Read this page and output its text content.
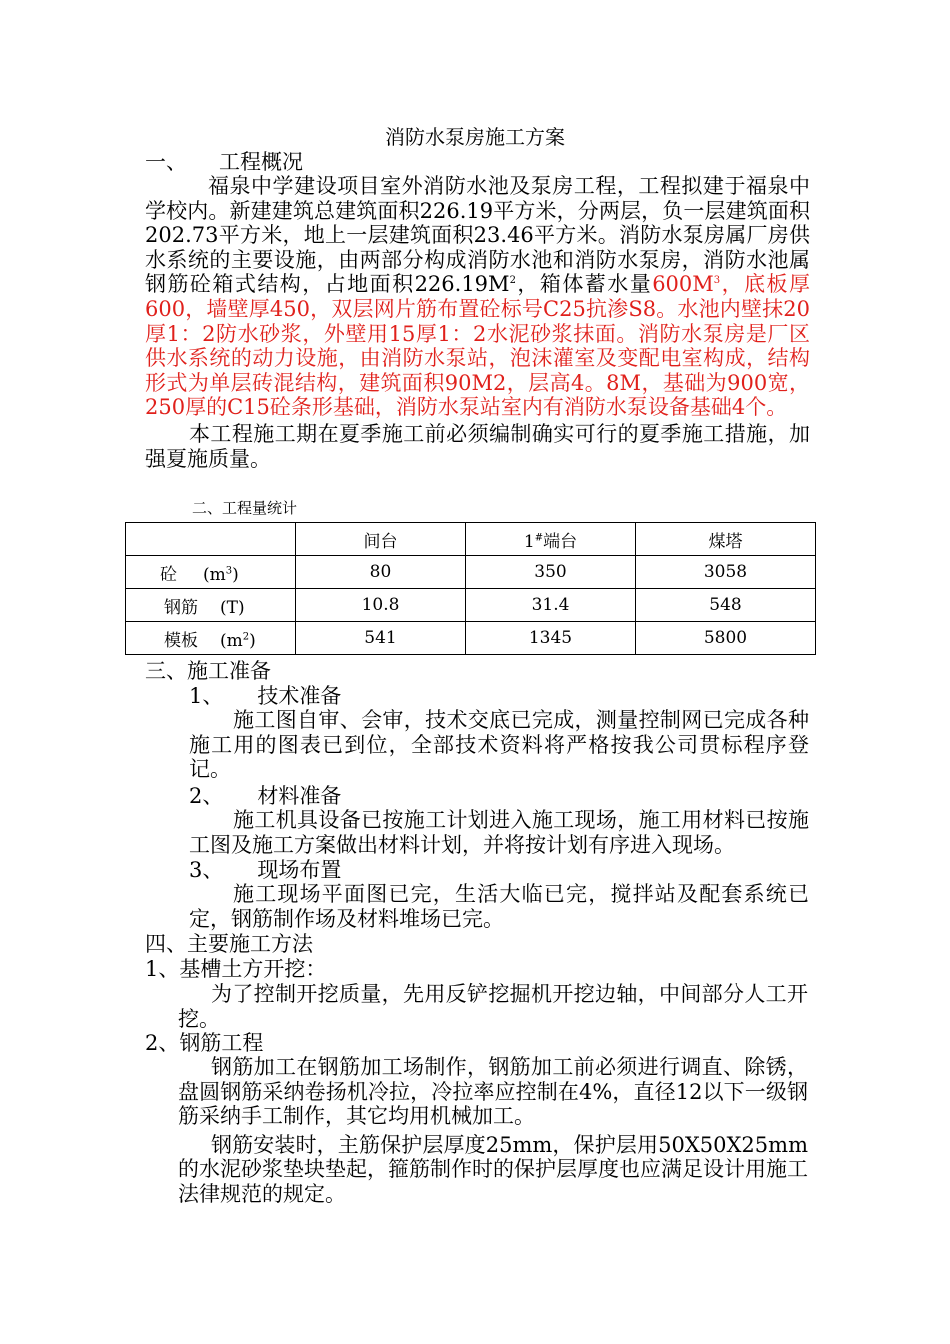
消防水泵房施工方案
一、 工程概况

福泉中学建设项目室外消防水池及泵房工程，工程拟建于福泉中学校内。新建建筑总建筑面积226.19平方米，分两层，负一层建筑面积202.73平方米，地上一层建筑面积23.46平方米。消防水泵房属厂房供水系统的主要设施，由两部分构成消防水池和消防水泵房，消防水池属钢筋砼箱式结构，占地面积$226.19M^2$，箱体蓄水量$600M^3$，底板厚600，墙壁厚450，双层网片筋布置砼标号C25抗渗S8。水池内壁抹20厚1：2防水砂浆，外壁用15厚1：2水泥砂浆抹面。消防水泵房是厂区供水系统的动力设施，由消防水泵站，泡沫灌室及变配电室构成，结构形式为单层砖混结构，建筑面积90M2，层高4。8M，基础为900宽，250厚的C15砼条形基础，消防水泵站室内有消防水泵设备基础4个。

本工程施工期在夏季施工前必须编制确实可行的夏季施工措施，加强夏施质量。

二、工程量统计
	间台	1#端台	煤塔
砼 $(m^3)$	80	350	3058
钢筋 (T)	10.8	31.4	548
模板 $(m^2)$	541	1345	5800
三、施工准备
1、 技术准备

施工图自审、会审，技术交底已完成，测量控制网已完成各种施工用的图表已到位，全部技术资料将严格按我公司贯标程序登记。

2、 材料准备

施工机具设备已按施工计划进入施工现场，施工用材料已按施工图及施工方案做出材料计划，并将按计划有序进入现场。

3、 现场布置

施工现场平面图已完，生活大临已完，搅拌站及配套系统已定，钢筋制作场及材料堆场已完。

四、主要施工方法
1、基槽土方开挖：

为了控制开挖质量，先用反铲挖掘机开挖边轴，中间部分人工开挖。

2、钢筋工程

钢筋加工在钢筋加工场制作，钢筋加工前必须进行调直、除锈，盘圆钢筋采纳卷扬机冷拉，冷拉率应控制在4%，直径12以下一级钢筋采纳手工制作，其它均用机械加工。

钢筋安装时，主筋保护层厚度25mm，保护层用50X50X25mm的水泥砂浆垫块垫起，箍筋制作时的保护层厚度也应满足设计用施工法律规范的规定。
